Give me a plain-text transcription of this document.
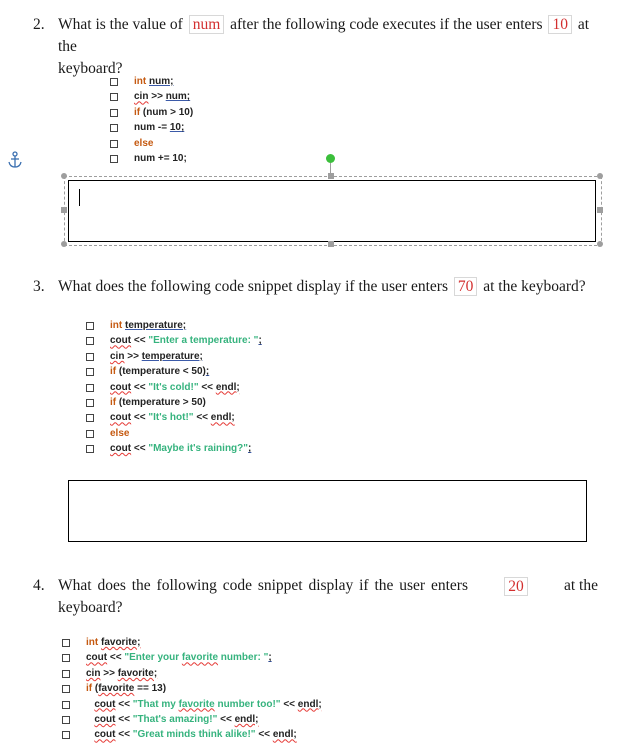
2. What is the value of num after the following code executes if the user enters 10 at the
keyboard?
int num;
cin >> num;
if (num > 10)
num -= 10;
else
num += 10;
3. What does the following code snippet display if the user enters 70 at the keyboard?
int temperature;
cout << "Enter a temperature: ";
cin >> temperature;
if (temperature < 50);
cout << "It's cold!" << endl;
if (temperature > 50)
cout << "It's hot!" << endl;
else
cout << "Maybe it's raining?";
4. What does the following code snippet display if the user enters	20	at the
keyboard?
int favorite;
cout << "Enter your favorite number: ";
cin >> favorite;
if (favorite == 13)
cout << "That my favorite number too!" << endl;
cout << "That's amazing!" << endl;
cout << "Great minds think alike!" << endl;
